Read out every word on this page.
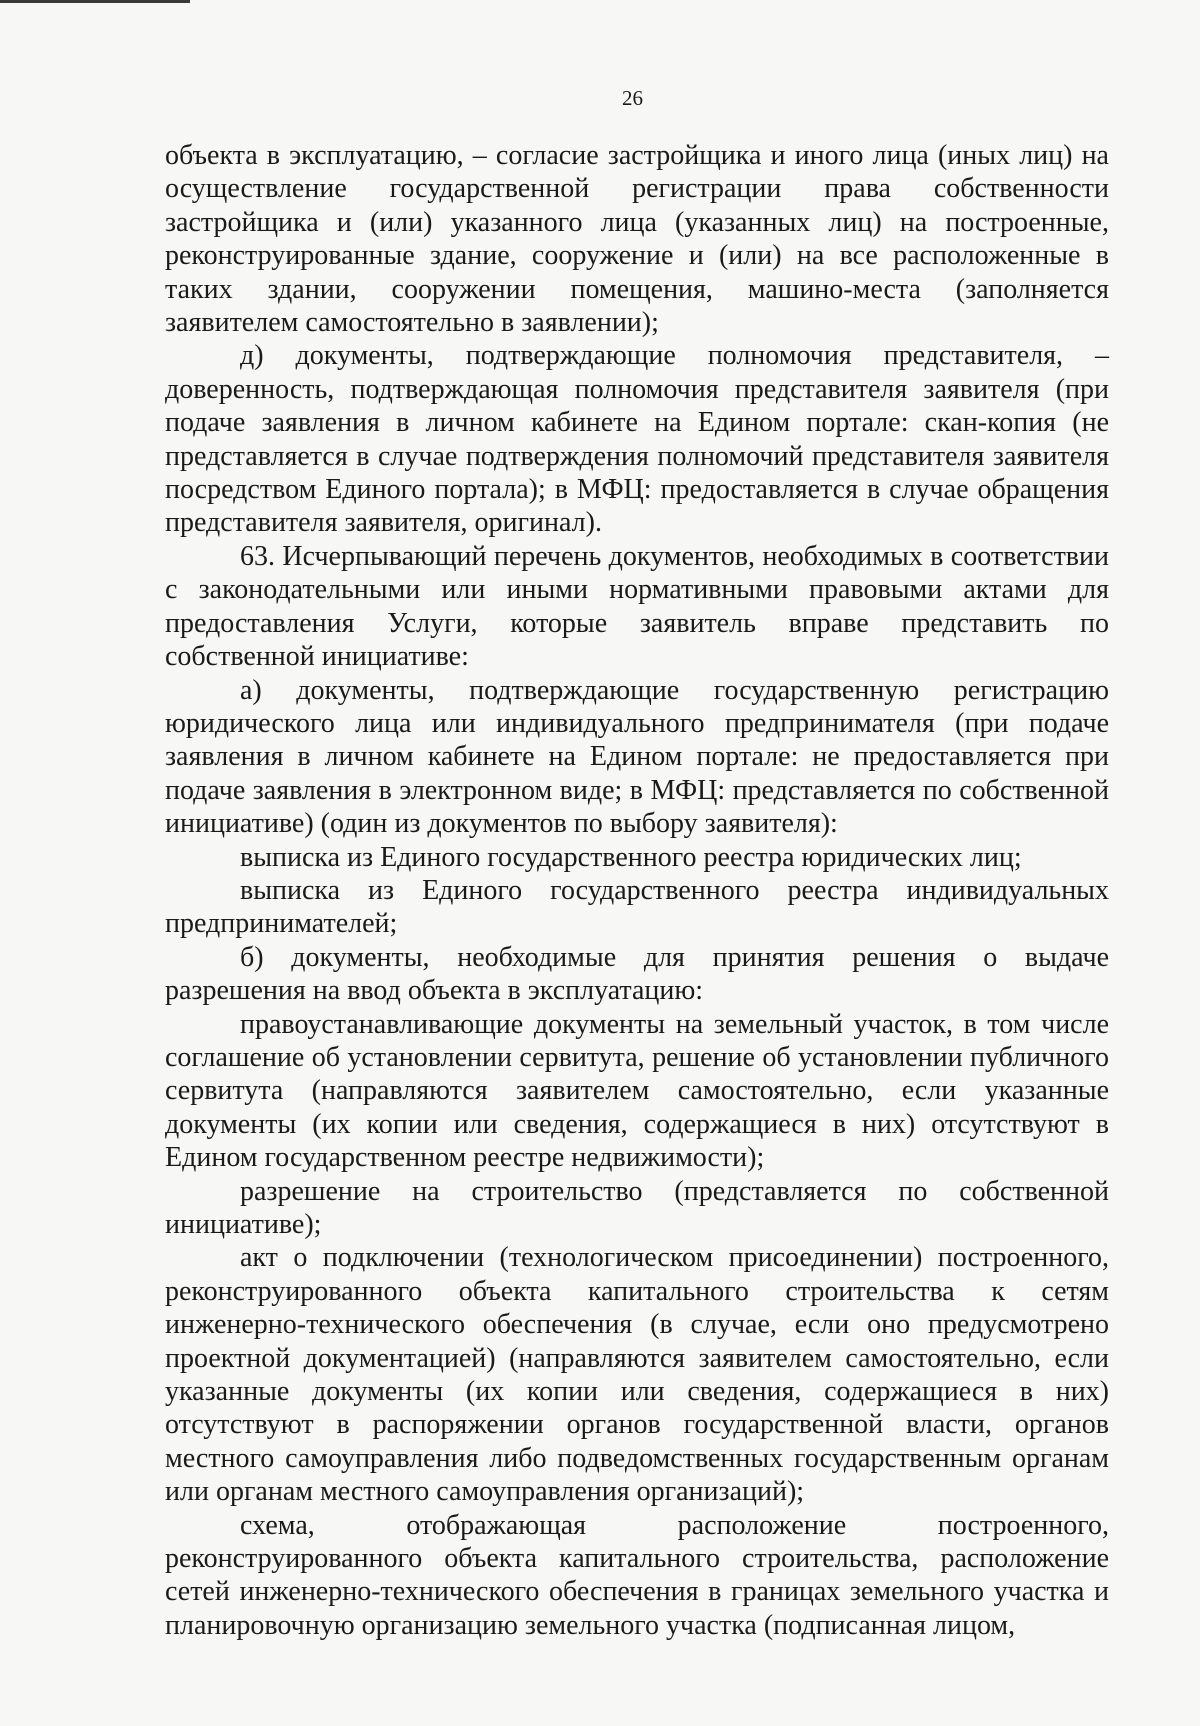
26

объекта в эксплуатацию, – согласие застройщика и иного лица (иных лиц) на осуществление государственной регистрации права собственности застройщика и (или) указанного лица (указанных лиц) на построенные, реконструированные здание, сооружение и (или) на все расположенные в таких здании, сооружении помещения, машино-места (заполняется заявителем самостоятельно в заявлении);

д) документы, подтверждающие полномочия представителя, – доверенность, подтверждающая полномочия представителя заявителя (при подаче заявления в личном кабинете на Едином портале: скан-копия (не представляется в случае подтверждения полномочий представителя заявителя посредством Единого портала); в МФЦ: предоставляется в случае обращения представителя заявителя, оригинал).

63. Исчерпывающий перечень документов, необходимых в соответствии с законодательными или иными нормативными правовыми актами для предоставления Услуги, которые заявитель вправе представить по собственной инициативе:

а) документы, подтверждающие государственную регистрацию юридического лица или индивидуального предпринимателя (при подаче заявления в личном кабинете на Едином портале: не предоставляется при подаче заявления в электронном виде; в МФЦ: представляется по собственной инициативе) (один из документов по выбору заявителя):

выписка из Единого государственного реестра юридических лиц;

выписка из Единого государственного реестра индивидуальных предпринимателей;

б) документы, необходимые для принятия решения о выдаче разрешения на ввод объекта в эксплуатацию:

правоустанавливающие документы на земельный участок, в том числе соглашение об установлении сервитута, решение об установлении публичного сервитута (направляются заявителем самостоятельно, если указанные документы (их копии или сведения, содержащиеся в них) отсутствуют в Едином государственном реестре недвижимости);

разрешение на строительство (представляется по собственной инициативе);

акт о подключении (технологическом присоединении) построенного, реконструированного объекта капитального строительства к сетям инженерно-технического обеспечения (в случае, если оно предусмотрено проектной документацией) (направляются заявителем самостоятельно, если указанные документы (их копии или сведения, содержащиеся в них) отсутствуют в распоряжении органов государственной власти, органов местного самоуправления либо подведомственных государственным органам или органам местного самоуправления организаций);

схема, отображающая расположение построенного, реконструированного объекта капитального строительства, расположение сетей инженерно-технического обеспечения в границах земельного участка и планировочную организацию земельного участка (подписанная лицом,
